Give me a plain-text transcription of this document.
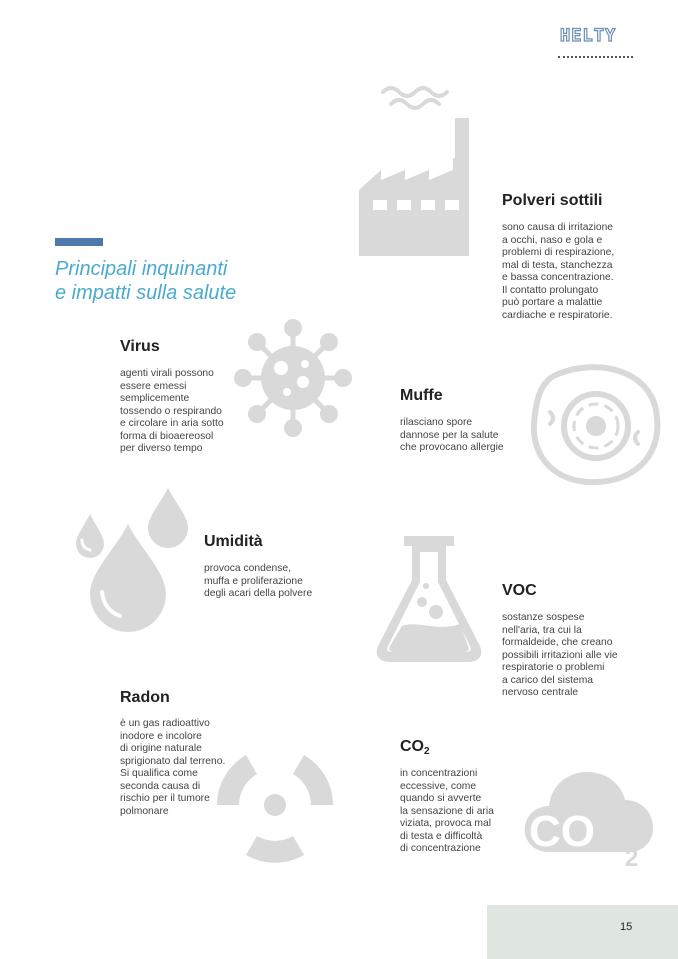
HELTY
Principali inquinanti
e impatti sulla salute
CO
2
Polveri sottili
sono causa di irritazione
a occhi, naso e gola e
problemi di respirazione,
mal di testa, stanchezza
e bassa concentrazione.
Il contatto prolungato
può portare a malattie
cardiache e respiratorie.
Virus
agenti virali possono
essere emessi
semplicemente
tossendo o respirando
e circolare in aria sotto
forma di bioaereosol
per diverso tempo
Muffe
rilasciano spore
dannose per la salute
che provocano allergie
Umidità
provoca condense,
muffa e proliferazione
degli acari della polvere	VOC
sostanze sospese
nell'aria, tra cui la
formaldeide, che creano
possibili irritazioni alle vie
respiratorie o problemi
a carico del sistema
nervoso centrale
Radon
è un gas radioattivo
inodore e incolore
di origine naturale
sprigionato dal terreno.
Si qualifica come
seconda causa di
rischio per il tumore
polmonare
CO2
in concentrazioni
eccessive, come
quando si avverte
la sensazione di aria
viziata, provoca mal
di testa e difficoltà
di concentrazione
15
